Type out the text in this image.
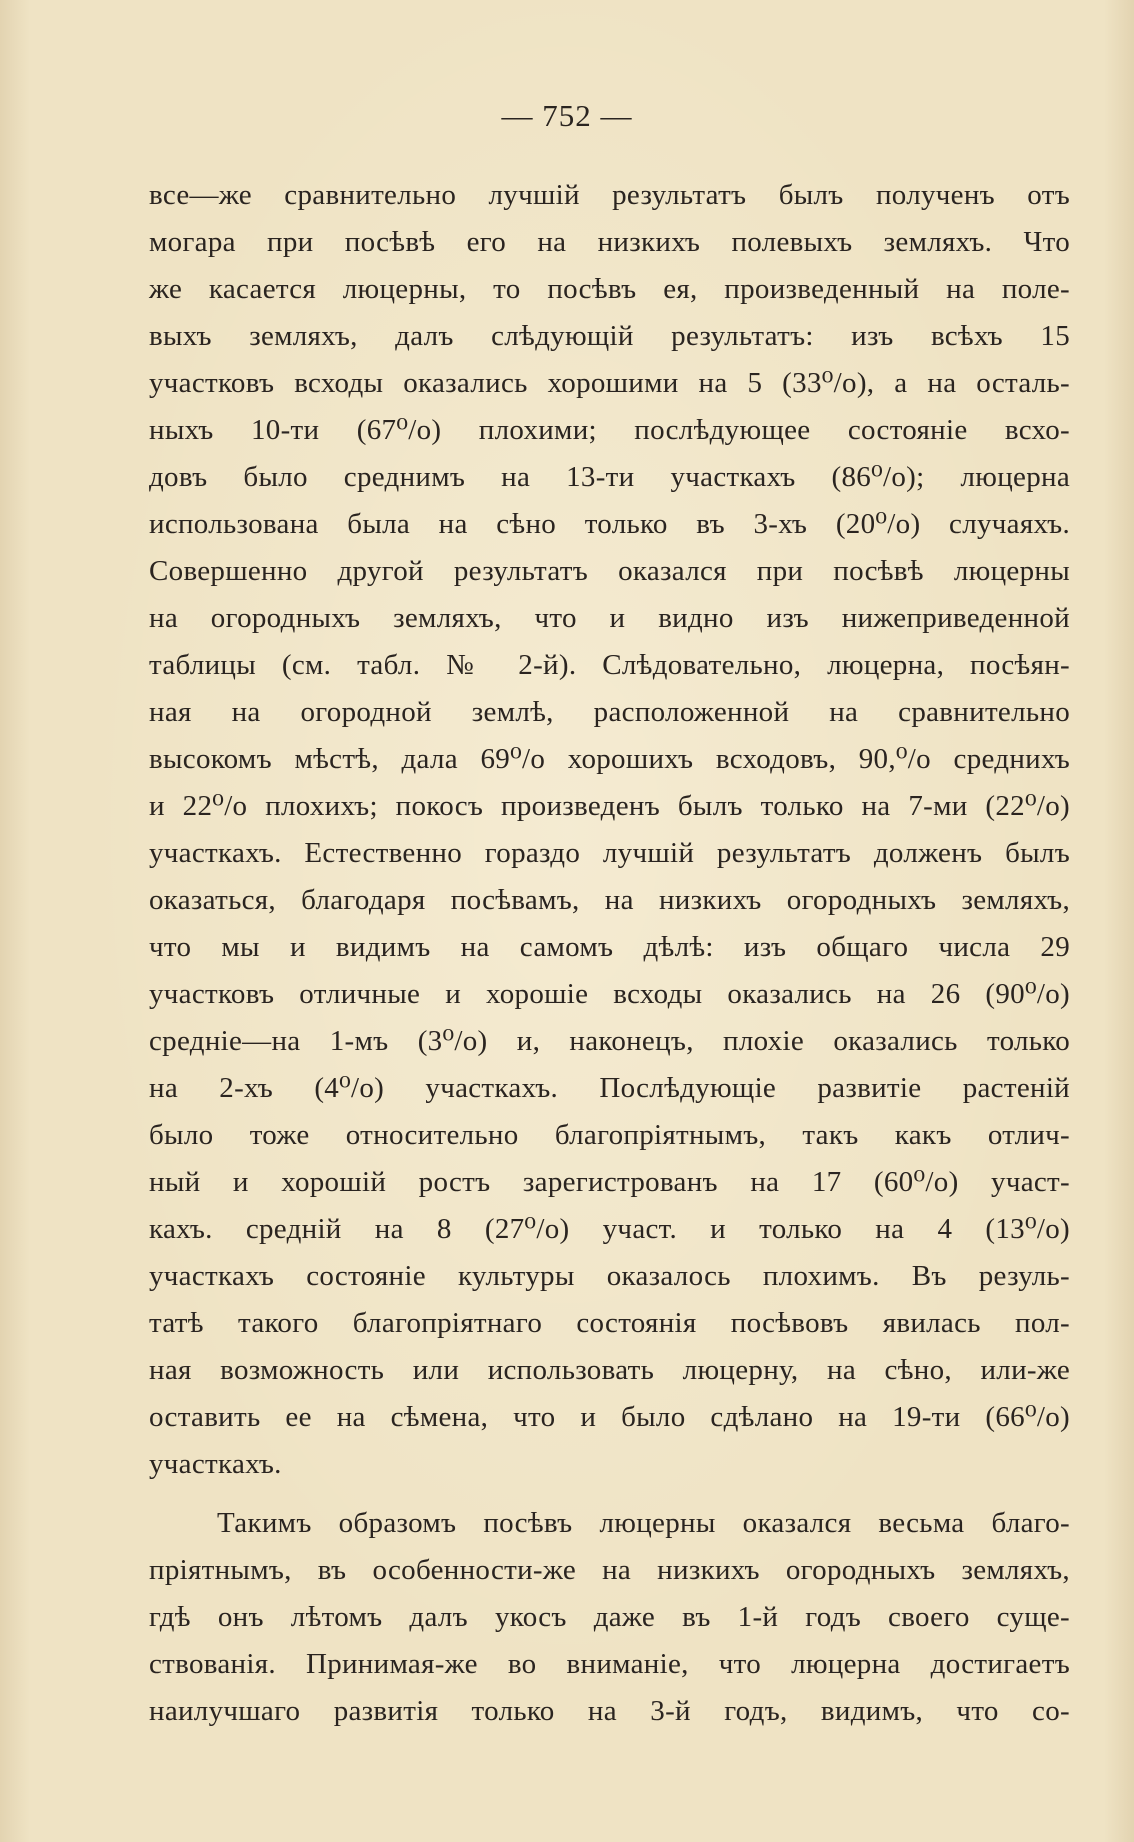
— 752 —
все—же сравнительно лучшій результатъ былъ полученъ отъ
могара при посѣвѣ его на низкихъ полевыхъ земляхъ. Что
же касается люцерны, то посѣвъ ея, произведенный на поле-
выхъ земляхъ, далъ слѣдующій результатъ: изъ всѣхъ 15
участковъ всходы оказались хорошими на 5 (33⁰/о), а на осталь-
ныхъ 10-ти (67⁰/о) плохими; послѣдующее состояніе всхо-
довъ было среднимъ на 13-ти участкахъ (86⁰/о); люцерна
использована была на сѣно только въ 3-хъ (20⁰/о) случаяхъ.
Совершенно другой результатъ оказался при посѣвѣ люцерны
на огородныхъ земляхъ, что и видно изъ нижеприведенной
таблицы (см. табл. № 2-й). Слѣдовательно, люцерна, посѣян-
ная на огородной землѣ, расположенной на сравнительно
высокомъ мѣстѣ, дала 69⁰/о хорошихъ всходовъ, 90,⁰/о среднихъ
и 22⁰/о плохихъ; покосъ произведенъ былъ только на 7-ми (22⁰/о)
участкахъ. Естественно гораздо лучшій результатъ долженъ былъ
оказаться, благодаря посѣвамъ, на низкихъ огородныхъ земляхъ,
что мы и видимъ на самомъ дѣлѣ: изъ общаго числа 29
участковъ отличные и хорошіе всходы оказались на 26 (90⁰/о)
средніе—на 1-мъ (3⁰/о) и, наконецъ, плохіе оказались только
на 2-хъ (4⁰/о) участкахъ. Послѣдующіе развитіе растеній
было тоже относительно благопріятнымъ, такъ какъ отлич-
ный и хорошій ростъ зарегистрованъ на 17 (60⁰/о) участ-
кахъ. средній на 8 (27⁰/о) участ. и только на 4 (13⁰/о)
участкахъ состояніе культуры оказалось плохимъ. Въ резуль-
татѣ такого благопріятнаго состоянія посѣвовъ явилась пол-
ная возможность или использовать люцерну, на сѣно, или-же
оставить ее на сѣмена, что и было сдѣлано на 19-ти (66⁰/о)
участкахъ.
Такимъ образомъ посѣвъ люцерны оказался весьма благо-
пріятнымъ, въ особенности-же на низкихъ огородныхъ земляхъ,
гдѣ онъ лѣтомъ далъ укосъ даже въ 1-й годъ своего суще-
ствованія. Принимая-же во вниманіе, что люцерна достигаетъ
наилучшаго развитія только на 3-й годъ, видимъ, что со-
